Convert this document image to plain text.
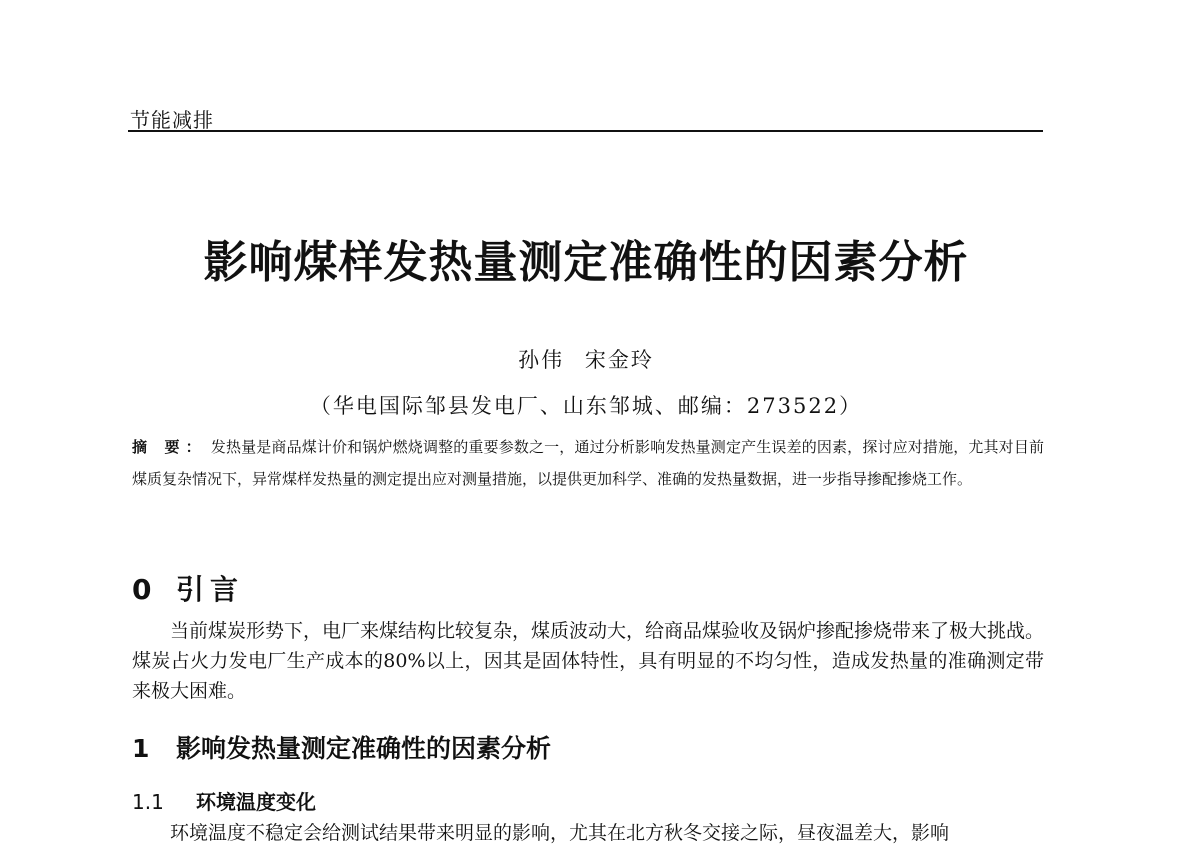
节能减排
影响煤样发热量测定准确性的因素分析
孙伟 宋金玲
（华电国际邹县发电厂、山东邹城、邮编：273522）
摘 要： 发热量是商品煤计价和锅炉燃烧调整的重要参数之一，通过分析影响发热量测定产生误差的因素，探讨应对措施，尤其对目前煤质复杂情况下，异常煤样发热量的测定提出应对测量措施，以提供更加科学、准确的发热量数据，进一步指导掺配掺烧工作。
0 引言
当前煤炭形势下，电厂来煤结构比较复杂，煤质波动大，给商品煤验收及锅炉掺配掺烧带来了极大挑战。煤炭占火力发电厂生产成本的80%以上，因其是固体特性，具有明显的不均匀性，造成发热量的准确测定带来极大困难。
1 影响发热量测定准确性的因素分析
1.1 环境温度变化
环境温度不稳定会给测试结果带来明显的影响，尤其在北方秋冬交接之际，昼夜温差大，影响
